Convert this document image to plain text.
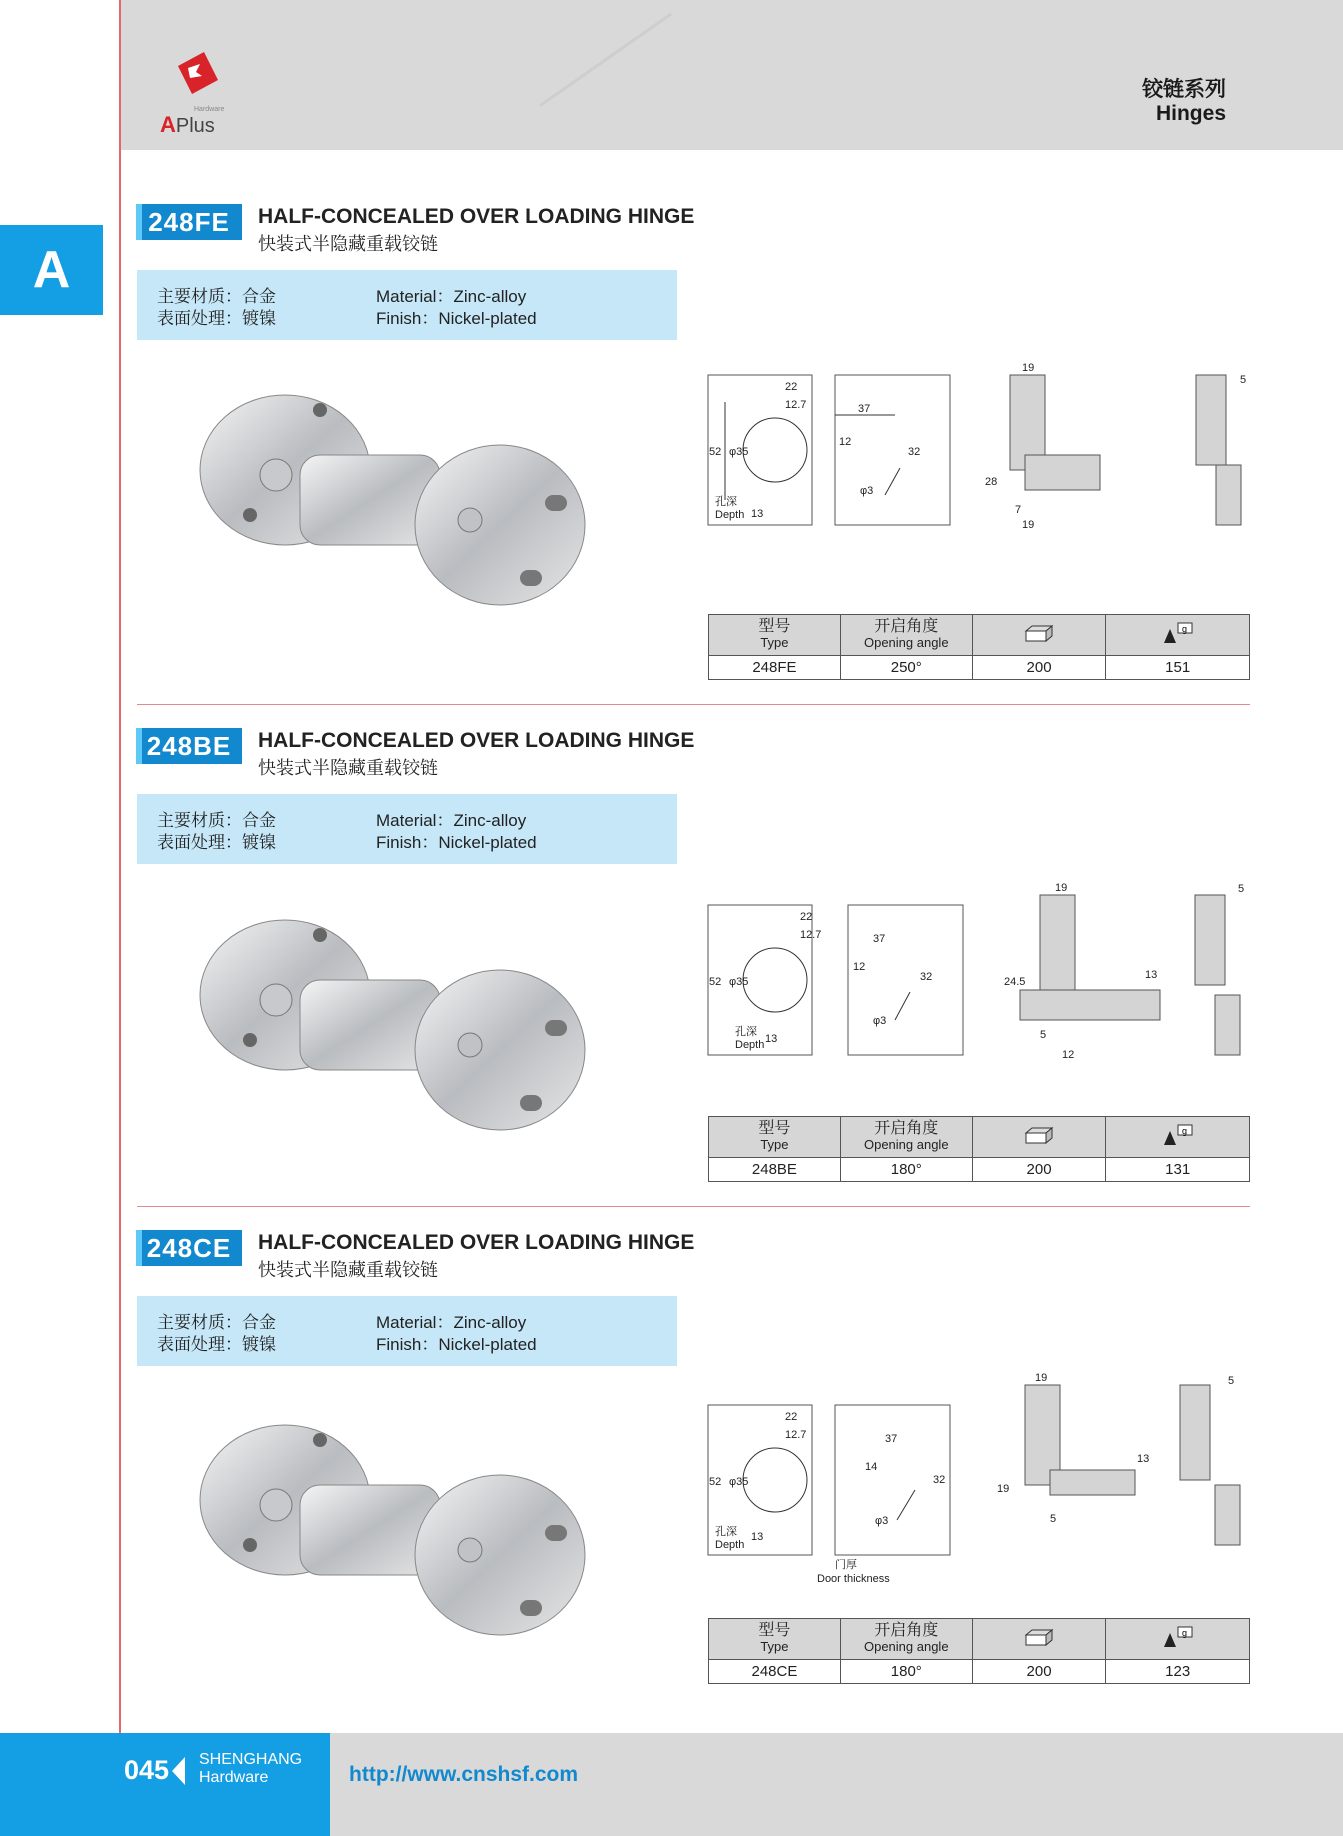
APlus
Hardware
铰链系列
Hinges
A
248FE	HALF-CONCEALED OVER LOADING HINGE
快装式半隐藏重载铰链
主要材质：合金
表面处理：镀镍
Material：Zinc-alloy
Finish：Nickel-plated
22
12.7
52 φ35
孔深
Depth 13
37
12
32
φ3
19
28
7
19
5
型号
Type	开启角度
Opening angle		g

248FE	250°	200	151
248BE	HALF-CONCEALED OVER LOADING HINGE
快装式半隐藏重载铰链
主要材质：合金
表面处理：镀镍
Material：Zinc-alloy
Finish：Nickel-plated
22
12.7
52 φ35
孔深
Depth 13
37
12
32
φ3
19
24.5
13
5
12
5
型号
Type	开启角度
Opening angle		g

248BE	180°	200	131
248CE	HALF-CONCEALED OVER LOADING HINGE
快装式半隐藏重载铰链
主要材质：合金
表面处理：镀镍
Material：Zinc-alloy
Finish：Nickel-plated
22
12.7
52 φ35
孔深
Depth
13
37
14
32
φ3
门厚
Door thickness
19
19
13
5
5
型号
Type	开启角度
Opening angle		g

248CE	180°	200	123
045 SHENGHANG
Hardware	http://www.cnshsf.com
